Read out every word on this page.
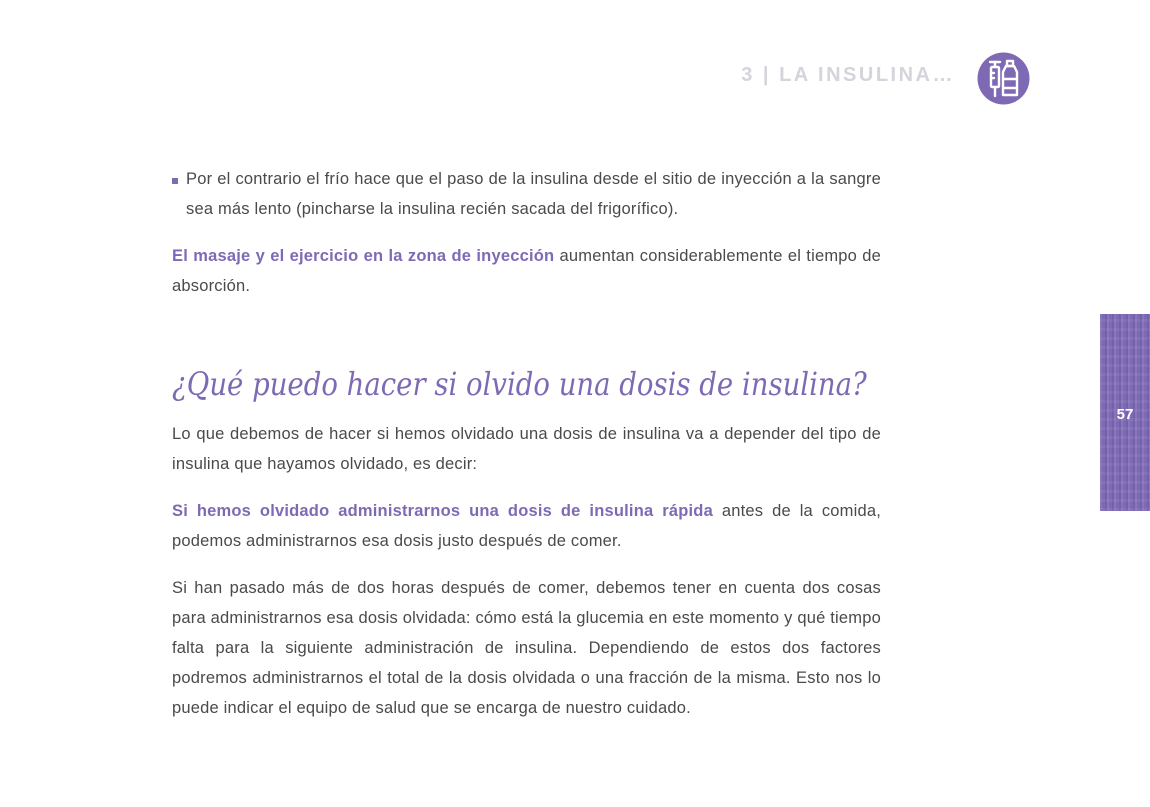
3 | LA INSULINA…
57

Por el contrario el frío hace que el paso de la insulina desde el sitio de inyección a la sangre sea más lento (pincharse la insulina recién sacada del frigorífico).

El masaje y el ejercicio en la zona de inyección aumentan considerablemente el tiempo de absorción.

¿Qué puedo hacer si olvido una dosis de insulina?

Lo que debemos de hacer si hemos olvidado una dosis de insulina va a depender del tipo de insulina que hayamos olvidado, es decir:

Si hemos olvidado administrarnos una dosis de insulina rápida antes de la comida, podemos administrarnos esa dosis justo después de comer.

Si han pasado más de dos horas después de comer, debemos tener en cuenta dos cosas para administrarnos esa dosis olvidada: cómo está la glucemia en este momento y qué tiempo falta para la siguiente administración de insulina. Dependiendo de estos dos factores podremos administrarnos el total de la dosis olvidada o una fracción de la misma. Esto nos lo puede indicar el equipo de salud que se encarga de nuestro cuidado.
